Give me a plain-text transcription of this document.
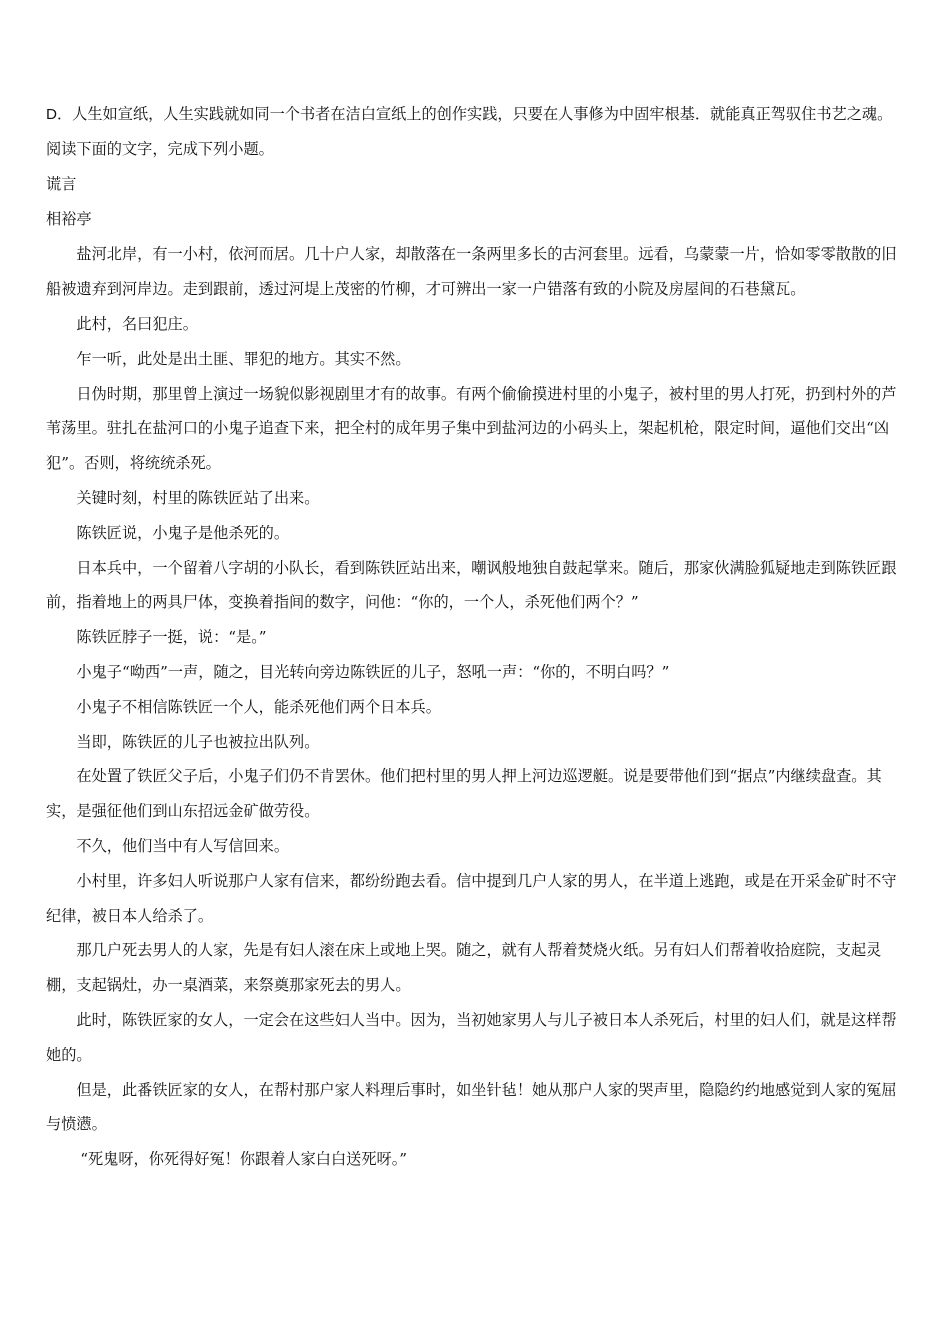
D．人生如宣纸，人生实践就如同一个书者在洁白宣纸上的创作实践，只要在人事修为中固牢根基．就能真正驾驭住书艺之魂。

阅读下面的文字，完成下列小题。

谎言

相裕亭

盐河北岸，有一小村，依河而居。几十户人家，却散落在一条两里多长的古河套里。远看，乌蒙蒙一片，恰如零零散散的旧船被遗弃到河岸边。走到跟前，透过河堤上茂密的竹柳，才可辨出一家一户错落有致的小院及房屋间的石巷黛瓦。

此村，名曰犯庄。

乍一听，此处是出土匪、罪犯的地方。其实不然。

日伪时期，那里曾上演过一场貌似影视剧里才有的故事。有两个偷偷摸进村里的小鬼子，被村里的男人打死，扔到村外的芦苇荡里。驻扎在盐河口的小鬼子追查下来，把全村的成年男子集中到盐河边的小码头上，架起机枪，限定时间，逼他们交出“凶犯”。否则，将统统杀死。

关键时刻，村里的陈铁匠站了出来。

陈铁匠说，小鬼子是他杀死的。

日本兵中，一个留着八字胡的小队长，看到陈铁匠站出来，嘲讽般地独自鼓起掌来。随后，那家伙满脸狐疑地走到陈铁匠跟前，指着地上的两具尸体，变换着指间的数字，问他：“你的，一个人，杀死他们两个？”

陈铁匠脖子一挺，说：“是。”

小鬼子“呦西”一声，随之，目光转向旁边陈铁匠的儿子，怒吼一声：“你的，不明白吗？”

小鬼子不相信陈铁匠一个人，能杀死他们两个日本兵。

当即，陈铁匠的儿子也被拉出队列。

在处置了铁匠父子后，小鬼子们仍不肯罢休。他们把村里的男人押上河边巡逻艇。说是要带他们到“据点”内继续盘查。其实，是强征他们到山东招远金矿做劳役。

不久，他们当中有人写信回来。

小村里，许多妇人听说那户人家有信来，都纷纷跑去看。信中提到几户人家的男人，在半道上逃跑，或是在开采金矿时不守纪律，被日本人给杀了。

那几户死去男人的人家，先是有妇人滚在床上或地上哭。随之，就有人帮着焚烧火纸。另有妇人们帮着收拾庭院，支起灵棚，支起锅灶，办一桌酒菜，来祭奠那家死去的男人。

此时，陈铁匠家的女人，一定会在这些妇人当中。因为，当初她家男人与儿子被日本人杀死后，村里的妇人们，就是这样帮她的。

但是，此番铁匠家的女人，在帮村那户家人料理后事时，如坐针毡！她从那户人家的哭声里，隐隐约约地感觉到人家的冤屈与愤懑。

“死鬼呀，你死得好冤！你跟着人家白白送死呀。”
